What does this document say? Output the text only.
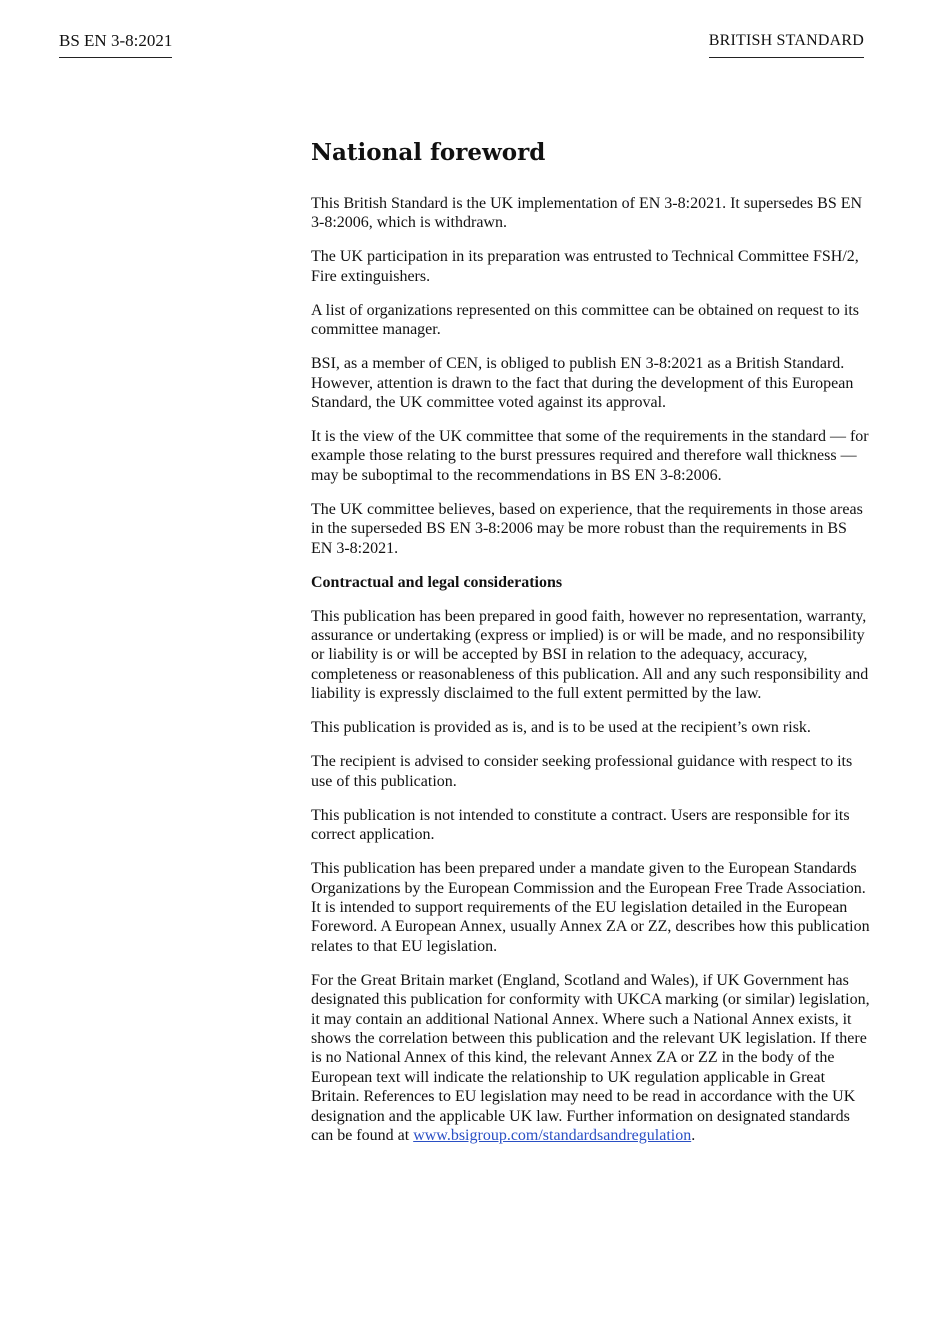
BS EN 3-8:2021	BRITISH STANDARD
National foreword

This British Standard is the UK implementation of EN 3-8:2021. It supersedes BS EN 3-8:2006, which is withdrawn.

The UK participation in its preparation was entrusted to Technical Committee FSH/2, Fire extinguishers.

A list of organizations represented on this committee can be obtained on request to its committee manager.

BSI, as a member of CEN, is obliged to publish EN 3-8:2021 as a British Standard. However, attention is drawn to the fact that during the development of this European Standard, the UK committee voted against its approval.

It is the view of the UK committee that some of the requirements in the standard — for example those relating to the burst pressures required and therefore wall thickness — may be suboptimal to the recommendations in BS EN 3-8:2006.

The UK committee believes, based on experience, that the requirements in those areas in the superseded BS EN 3-8:2006 may be more robust than the requirements in BS EN 3-8:2021.

Contractual and legal considerations

This publication has been prepared in good faith, however no representation, warranty, assurance or undertaking (express or implied) is or will be made, and no responsibility or liability is or will be accepted by BSI in relation to the adequacy, accuracy, completeness or reasonableness of this publication. All and any such responsibility and liability is expressly disclaimed to the full extent permitted by the law.

This publication is provided as is, and is to be used at the recipient’s own risk.

The recipient is advised to consider seeking professional guidance with respect to its use of this publication.

This publication is not intended to constitute a contract. Users are responsible for its correct application.

This publication has been prepared under a mandate given to the European Standards Organizations by the European Commission and the European Free Trade Association. It is intended to support requirements of the EU legislation detailed in the European Foreword. A European Annex, usually Annex ZA or ZZ, describes how this publication relates to that EU legislation.

For the Great Britain market (England, Scotland and Wales), if UK Government has designated this publication for conformity with UKCA marking (or similar) legislation, it may contain an additional National Annex. Where such a National Annex exists, it shows the correlation between this publication and the relevant UK legislation. If there is no National Annex of this kind, the relevant Annex ZA or ZZ in the body of the European text will indicate the relationship to UK regulation applicable in Great Britain. References to EU legislation may need to be read in accordance with the UK designation and the applicable UK law. Further information on designated standards can be found at www.bsigroup.com/standardsandregulation.
